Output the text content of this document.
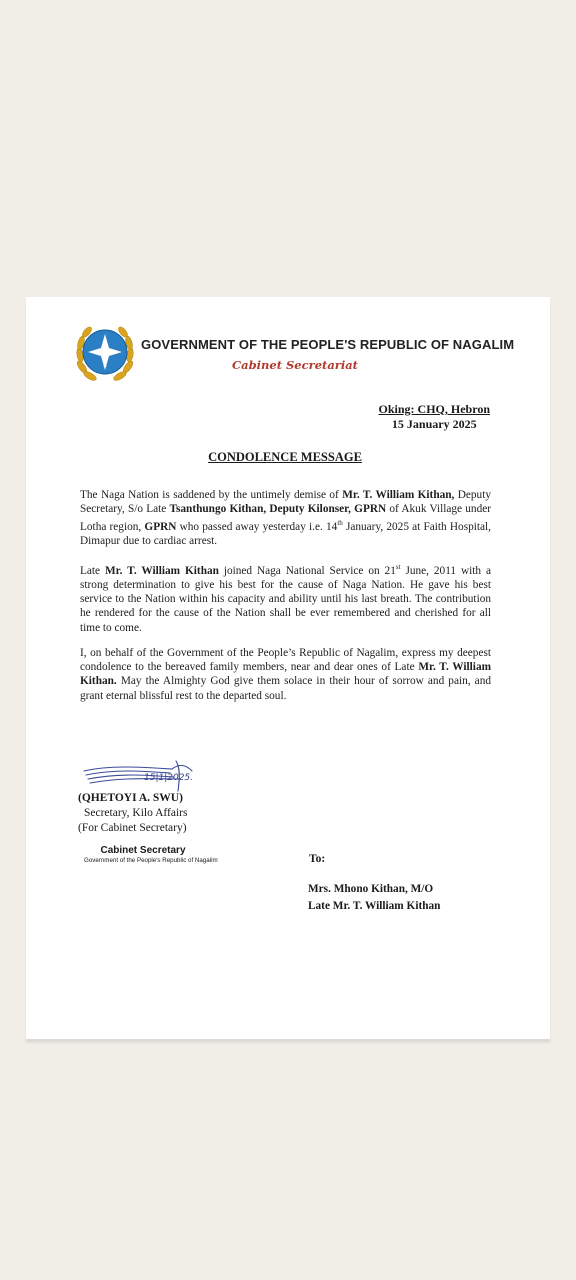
GOVERNMENT OF THE PEOPLE'S REPUBLIC OF NAGALIM
Cabinet Secretariat
Oking: CHQ, Hebron
15 January 2025
CONDOLENCE MESSAGE
The Naga Nation is saddened by the untimely demise of Mr. T. William Kithan, Deputy Secretary, S/o Late Tsanthungo Kithan, Deputy Kilonser, GPRN of Akuk Village under Lotha region, GPRN who passed away yesterday i.e. 14th January, 2025 at Faith Hospital, Dimapur due to cardiac arrest.
Late Mr. T. William Kithan joined Naga National Service on 21st June, 2011 with a strong determination to give his best for the cause of Naga Nation. He gave his best service to the Nation within his capacity and ability until his last breath. The contribution he rendered for the cause of the Nation shall be ever remembered and cherished for all time to come.
I, on behalf of the Government of the People’s Republic of Nagalim, express my deepest condolence to the bereaved family members, near and dear ones of Late Mr. T. William Kithan. May the Almighty God give them solace in their hour of sorrow and pain, and grant eternal blissful rest to the departed soul.
15|1|2025.
(QHETOYI A. SWU)
Secretary, Kilo Affairs
(For Cabinet Secretary)
Cabinet Secretary
Government of the People's Republic of Nagalim	To:
Mrs. Mhono Kithan, M/O
Late Mr. T. William Kithan
